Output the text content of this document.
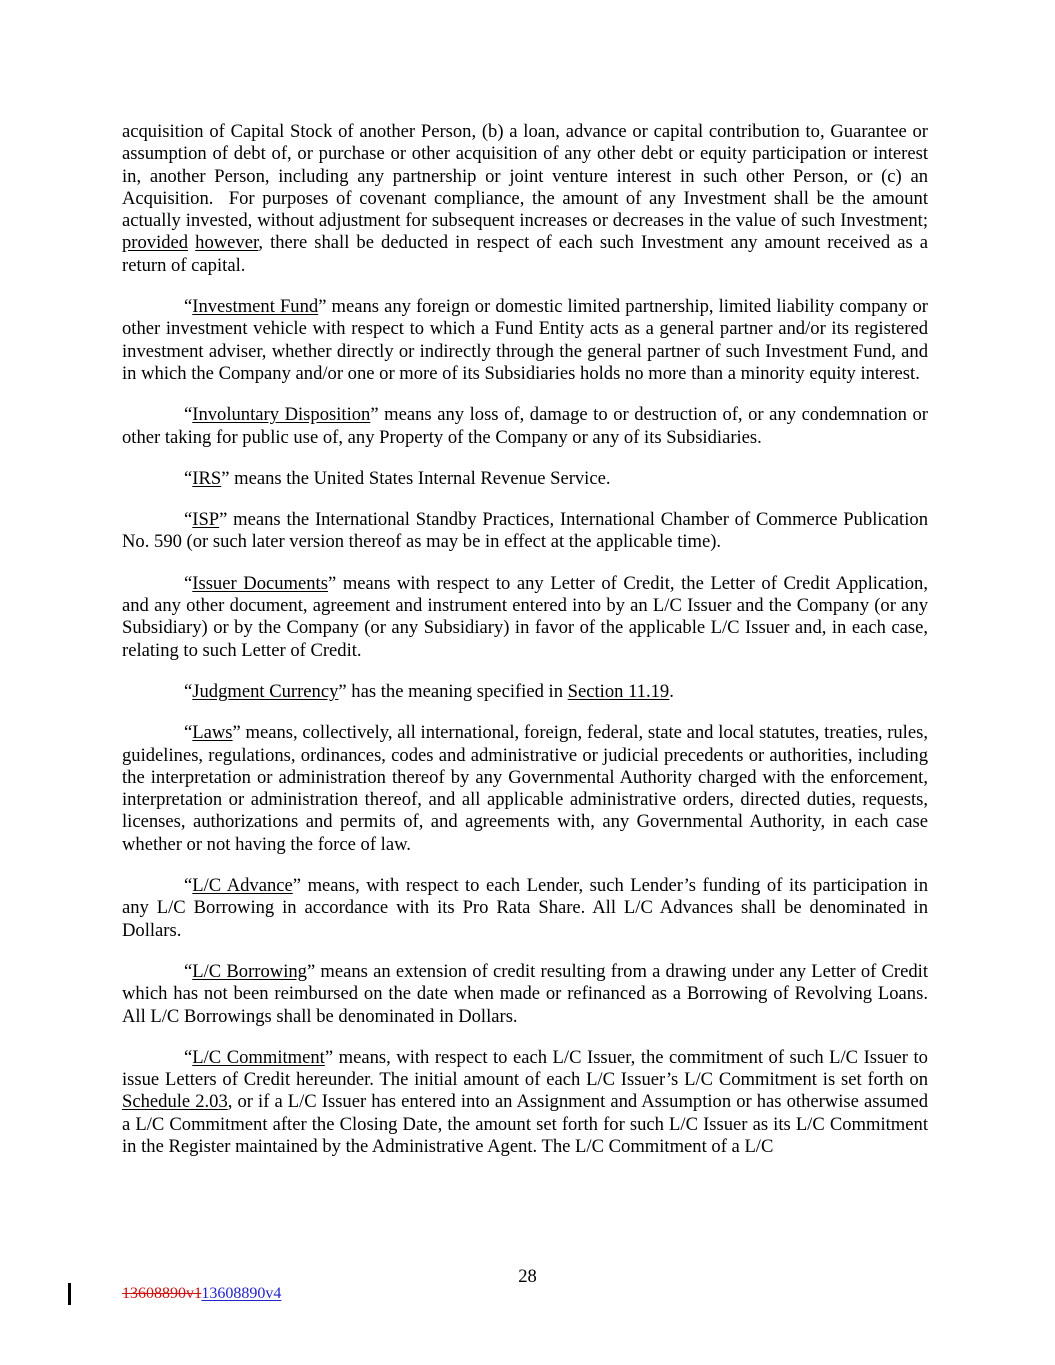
acquisition of Capital Stock of another Person, (b) a loan, advance or capital contribution to, Guarantee or assumption of debt of, or purchase or other acquisition of any other debt or equity participation or interest in, another Person, including any partnership or joint venture interest in such other Person, or (c) an Acquisition.  For purposes of covenant compliance, the amount of any Investment shall be the amount actually invested, without adjustment for subsequent increases or decreases in the value of such Investment; provided however, there shall be deducted in respect of each such Investment any amount received as a return of capital.

“Investment Fund” means any foreign or domestic limited partnership, limited liability company or other investment vehicle with respect to which a Fund Entity acts as a general partner and/or its registered investment adviser, whether directly or indirectly through the general partner of such Investment Fund, and in which the Company and/or one or more of its Subsidiaries holds no more than a minority equity interest.

“Involuntary Disposition” means any loss of, damage to or destruction of, or any condemnation or other taking for public use of, any Property of the Company or any of its Subsidiaries.

“IRS” means the United States Internal Revenue Service.

“ISP” means the International Standby Practices, International Chamber of Commerce Publication No. 590 (or such later version thereof as may be in effect at the applicable time).

“Issuer Documents” means with respect to any Letter of Credit, the Letter of Credit Application, and any other document, agreement and instrument entered into by an L/C Issuer and the Company (or any Subsidiary) or by the Company (or any Subsidiary) in favor of the applicable L/C Issuer and, in each case, relating to such Letter of Credit.

“Judgment Currency” has the meaning specified in Section 11.19.

“Laws” means, collectively, all international, foreign, federal, state and local statutes, treaties, rules, guidelines, regulations, ordinances, codes and administrative or judicial precedents or authorities, including the interpretation or administration thereof by any Governmental Authority charged with the enforcement, interpretation or administration thereof, and all applicable administrative orders, directed duties, requests, licenses, authorizations and permits of, and agreements with, any Governmental Authority, in each case whether or not having the force of law.

“L/C Advance” means, with respect to each Lender, such Lender’s funding of its participation in any L/C Borrowing in accordance with its Pro Rata Share. All L/C Advances shall be denominated in Dollars.

“L/C Borrowing” means an extension of credit resulting from a drawing under any Letter of Credit which has not been reimbursed on the date when made or refinanced as a Borrowing of Revolving Loans. All L/C Borrowings shall be denominated in Dollars.

“L/C Commitment” means, with respect to each L/C Issuer, the commitment of such L/C Issuer to issue Letters of Credit hereunder. The initial amount of each L/C Issuer’s L/C Commitment is set forth on Schedule 2.03, or if a L/C Issuer has entered into an Assignment and Assumption or has otherwise assumed a L/C Commitment after the Closing Date, the amount set forth for such L/C Issuer as its L/C Commitment in the Register maintained by the Administrative Agent. The L/C Commitment of a L/C

28
13608890v113608890v4
